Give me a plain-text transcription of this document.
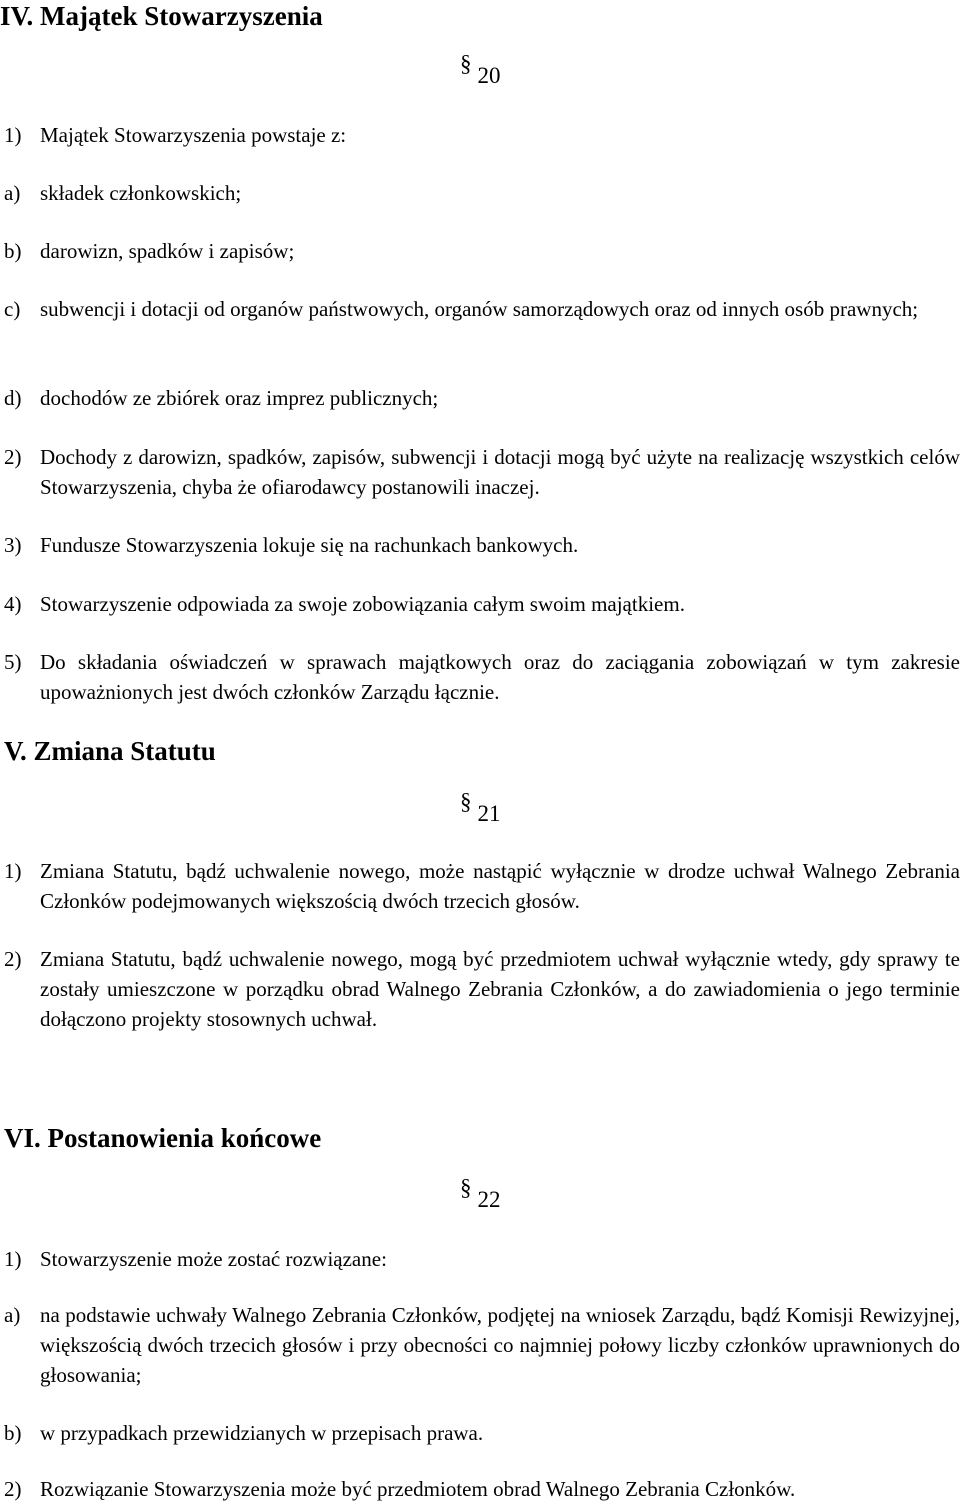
IV. Majątek Stowarzyszenia
§ 20
1) Majątek Stowarzyszenia powstaje z:
a) składek członkowskich;
b) darowizn, spadków i zapisów;
c) subwencji i dotacji od organów państwowych, organów samorządowych oraz od innych osób prawnych;
d) dochodów ze zbiórek oraz imprez publicznych;
2) Dochody z darowizn, spadków, zapisów, subwencji i dotacji mogą być użyte na realizację wszystkich celów Stowarzyszenia, chyba że ofiarodawcy postanowili inaczej.
3) Fundusze Stowarzyszenia lokuje się na rachunkach bankowych.
4) Stowarzyszenie odpowiada za swoje zobowiązania całym swoim majątkiem.
5) Do składania oświadczeń w sprawach majątkowych oraz do zaciągania zobowiązań w tym zakresie upoważnionych jest dwóch członków Zarządu łącznie.
V. Zmiana Statutu
§ 21
1) Zmiana Statutu, bądź uchwalenie nowego, może nastąpić wyłącznie w drodze uchwał Walnego Zebrania Członków podejmowanych większością dwóch trzecich głosów.
2) Zmiana Statutu, bądź uchwalenie nowego, mogą być przedmiotem uchwał wyłącznie wtedy, gdy sprawy te zostały umieszczone w porządku obrad Walnego Zebrania Członków, a do zawiadomienia o jego terminie dołączono projekty stosownych uchwał.
VI. Postanowienia końcowe
§ 22
1) Stowarzyszenie może zostać rozwiązane:
a) na podstawie uchwały Walnego Zebrania Członków, podjętej na wniosek Zarządu, bądź Komisji Rewizyjnej, większością dwóch trzecich głosów i przy obecności co najmniej połowy liczby członków uprawnionych do głosowania;
b) w przypadkach przewidzianych w przepisach prawa.
2) Rozwiązanie Stowarzyszenia może być przedmiotem obrad Walnego Zebrania Członków.
